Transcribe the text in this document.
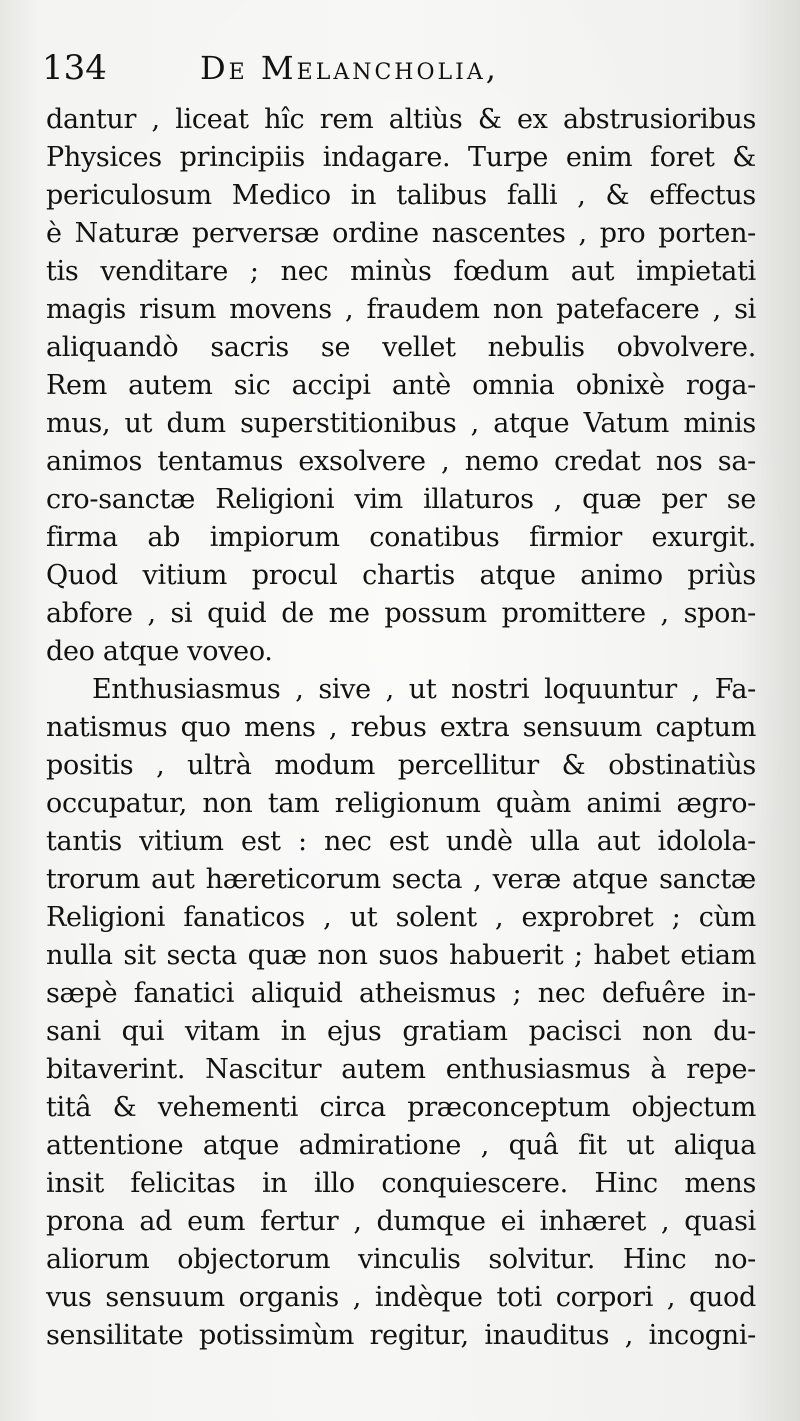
134	De Melancholia,
dantur , liceat hîc rem altiùs & ex abstrusioribus
Physices principiis indagare. Turpe enim foret &
periculosum Medico in talibus falli , & effectus
è Naturæ perversæ ordine nascentes , pro porten-
tis venditare ; nec minùs fœdum aut impietati
magis risum movens , fraudem non patefacere , si
aliquandò sacris se vellet nebulis obvolvere.
Rem autem sic accipi antè omnia obnixè roga-
mus, ut dum superstitionibus , atque Vatum minis
animos tentamus exsolvere , nemo credat nos sa-
cro-sanctæ Religioni vim illaturos , quæ per se
firma ab impiorum conatibus firmior exurgit.
Quod vitium procul chartis atque animo priùs
abfore , si quid de me possum promittere , spon-
deo atque voveo.
Enthusiasmus , sive , ut nostri loquuntur , Fa-
natismus quo mens , rebus extra sensuum captum
positis , ultrà modum percellitur & obstinatiùs
occupatur, non tam religionum quàm animi ægro-
tantis vitium est : nec est undè ulla aut idolola-
trorum aut hæreticorum secta , veræ atque sanctæ
Religioni fanaticos , ut solent , exprobret ; cùm
nulla sit secta quæ non suos habuerit ; habet etiam
sæpè fanatici aliquid atheismus ; nec defuêre in-
sani qui vitam in ejus gratiam pacisci non du-
bitaverint. Nascitur autem enthusiasmus à repe-
titâ & vehementi circa præconceptum objectum
attentione atque admiratione , quâ fit ut aliqua
insit felicitas in illo conquiescere. Hinc mens
prona ad eum fertur , dumque ei inhæret , quasi
aliorum objectorum vinculis solvitur. Hinc no-
vus sensuum organis , indèque toti corpori , quod
sensilitate potissimùm regitur, inauditus , incogni-
